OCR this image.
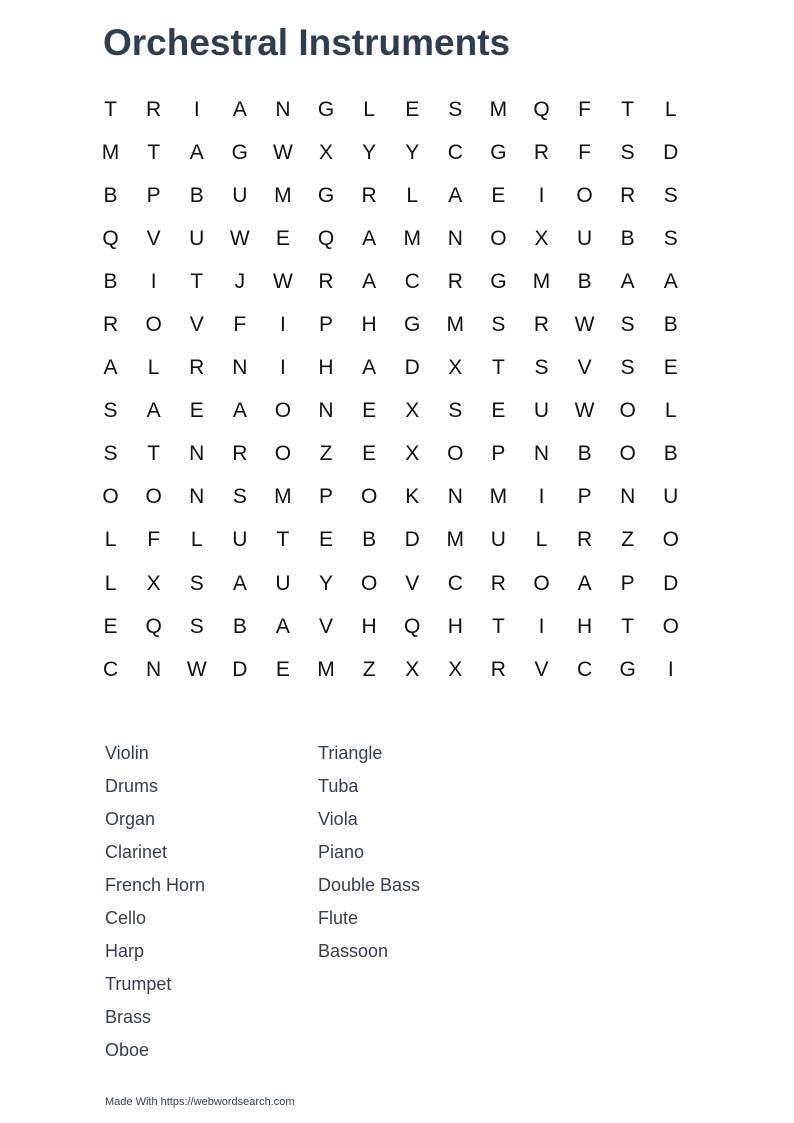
Orchestral Instruments
T	R	I	A	N	G	L	E	S	M	Q	F	T	L
M	T	A	G	W	X	Y	Y	C	G	R	F	S	D
B	P	B	U	M	G	R	L	A	E	I	O	R	S
Q	V	U	W	E	Q	A	M	N	O	X	U	B	S
B	I	T	J	W	R	A	C	R	G	M	B	A	A
R	O	V	F	I	P	H	G	M	S	R	W	S	B
A	L	R	N	I	H	A	D	X	T	S	V	S	E
S	A	E	A	O	N	E	X	S	E	U	W	O	L
S	T	N	R	O	Z	E	X	O	P	N	B	O	B
O	O	N	S	M	P	O	K	N	M	I	P	N	U
L	F	L	U	T	E	B	D	M	U	L	R	Z	O
L	X	S	A	U	Y	O	V	C	R	O	A	P	D
E	Q	S	B	A	V	H	Q	H	T	I	H	T	O
C	N	W	D	E	M	Z	X	X	R	V	C	G	I
Violin
Drums
Organ
Clarinet
French Horn
Cello
Harp
Trumpet
Brass
Oboe
Triangle
Tuba
Viola
Piano
Double Bass
Flute
Bassoon
Made With https://webwordsearch.com
